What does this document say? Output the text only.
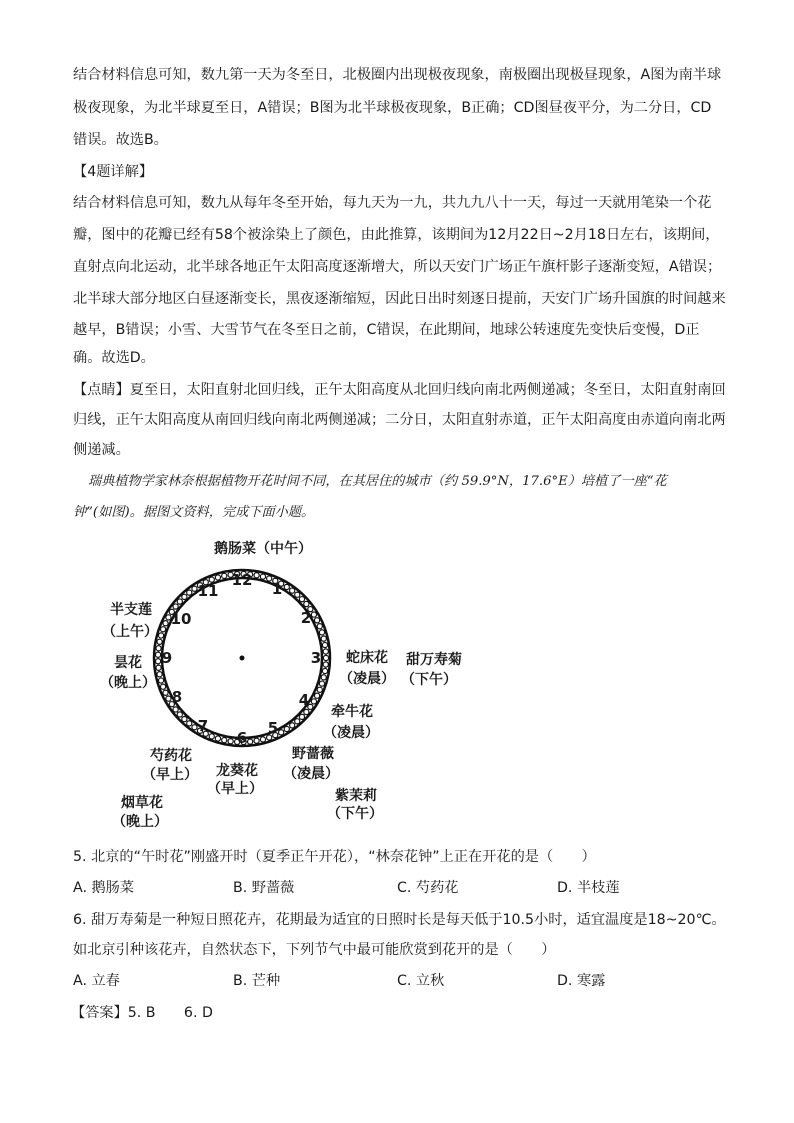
结合材料信息可知，数九第一天为冬至日，北极圈内出现极夜现象，南极圈出现极昼现象，A图为南半球
极夜现象，为北半球夏至日，A错误；B图为北半球极夜现象，B正确；CD图昼夜平分，为二分日，CD
错误。故选B。
【4题详解】
结合材料信息可知，数九从每年冬至开始，每九天为一九，共九九八十一天，每过一天就用笔染一个花
瓣，图中的花瓣已经有58个被涂染上了颜色，由此推算，该期间为12月22日~2月18日左右，该期间，
直射点向北运动，北半球各地正午太阳高度逐渐增大，所以天安门广场正午旗杆影子逐渐变短，A错误；
北半球大部分地区白昼逐渐变长，黑夜逐渐缩短，因此日出时刻逐日提前，天安门广场升国旗的时间越来
越早，B错误；小雪、大雪节气在冬至日之前，C错误，在此期间，地球公转速度先变快后变慢，D正
确。故选D。
【点睛】夏至日，太阳直射北回归线，正午太阳高度从北回归线向南北两侧递减；冬至日，太阳直射南回
归线，正午太阳高度从南回归线向南北两侧递减；二分日，太阳直射赤道，正午太阳高度由赤道向南北两
侧递减。
瑞典植物学家林奈根据植物开花时间不同，在其居住的城市（约 59.9°N，17.6°E）培植了一座“花
钟”(如图)。据图文资料，完成下面小题。
12	1
2
3
4
5
6
7
8
9
10
11
鹅肠菜（中午）
半支莲
（上午）
昙花
（晚上）
蛇床花
（凌晨）
牵牛花
（凌晨）
野蔷薇
（凌晨）
龙葵花
（早上）
芍药花
（早上）
烟草花
（晚上）
甜万寿菊
（下午）
紫茉莉
（下午）
5. 北京的“午时花”刚盛开时（夏季正午开花），“林奈花钟”上正在开花的是（　　）
A. 鹅肠菜	B. 野蔷薇	C. 芍药花	D. 半枝莲
6. 甜万寿菊是一种短日照花卉，花期最为适宜的日照时长是每天低于10.5小时，适宜温度是18~20℃。
如北京引种该花卉，自然状态下，下列节气中最可能欣赏到花开的是（　　）
A. 立春	B. 芒种	C. 立秋	D. 寒露
【答案】5. B　　6. D
